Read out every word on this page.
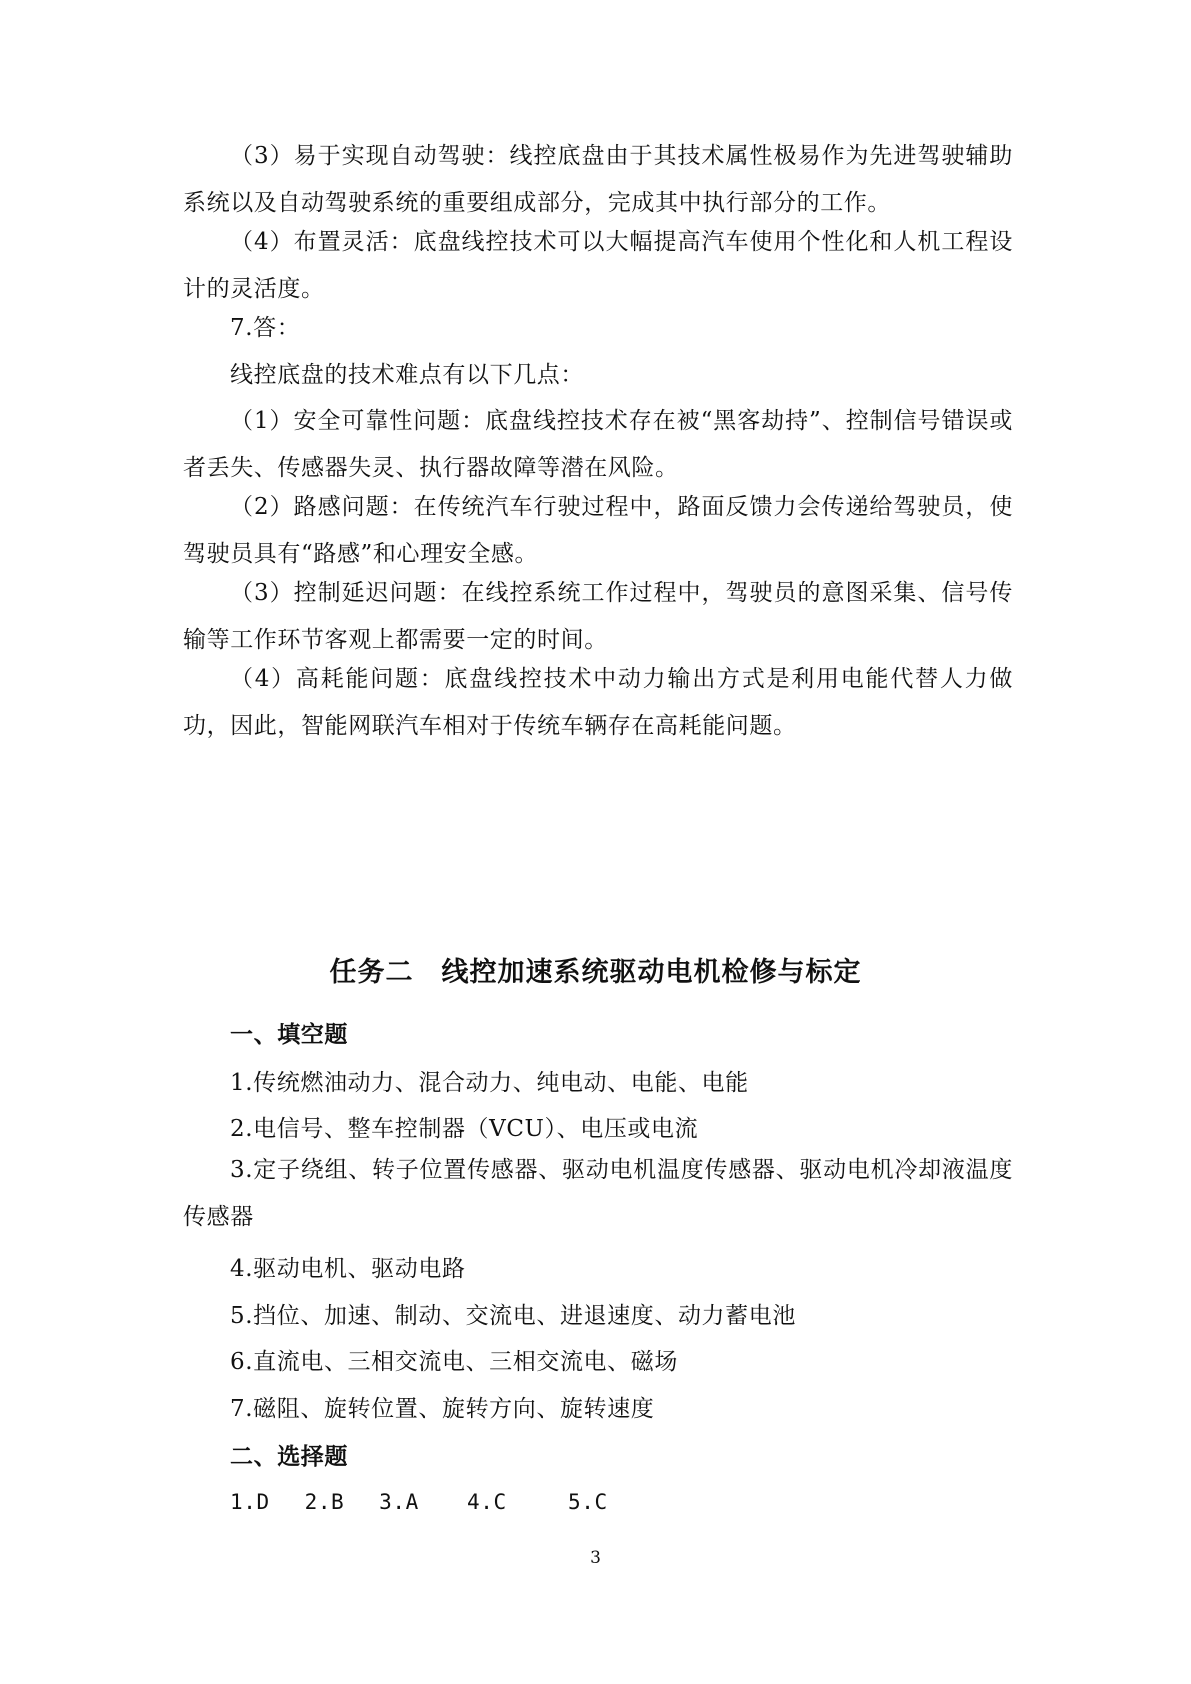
（3）易于实现自动驾驶：线控底盘由于其技术属性极易作为先进驾驶辅助系统以及自动驾驶系统的重要组成部分，完成其中执行部分的工作。

（4）布置灵活：底盘线控技术可以大幅提高汽车使用个性化和人机工程设计的灵活度。

7.答：

线控底盘的技术难点有以下几点：

（1）安全可靠性问题：底盘线控技术存在被“黑客劫持”、控制信号错误或者丢失、传感器失灵、执行器故障等潜在风险。

（2）路感问题：在传统汽车行驶过程中，路面反馈力会传递给驾驶员，使驾驶员具有“路感”和心理安全感。

（3）控制延迟问题：在线控系统工作过程中，驾驶员的意图采集、信号传输等工作环节客观上都需要一定的时间。

（4）高耗能问题：底盘线控技术中动力输出方式是利用电能代替人力做功，因此，智能网联汽车相对于传统车辆存在高耗能问题。

任务二　线控加速系统驱动电机检修与标定
一、填空题

1.传统燃油动力、混合动力、纯电动、电能、电能

2.电信号、整车控制器（VCU）、电压或电流

3.定子绕组、转子位置传感器、驱动电机温度传感器、驱动电机冷却液温度传感器

4.驱动电机、驱动电路

5.挡位、加速、制动、交流电、进退速度、动力蓄电池

6.直流电、三相交流电、三相交流电、磁场

7.磁阻、旋转位置、旋转方向、旋转速度

二、选择题

1.D　 2.B　 3.A　  4.C　   5.C

3
